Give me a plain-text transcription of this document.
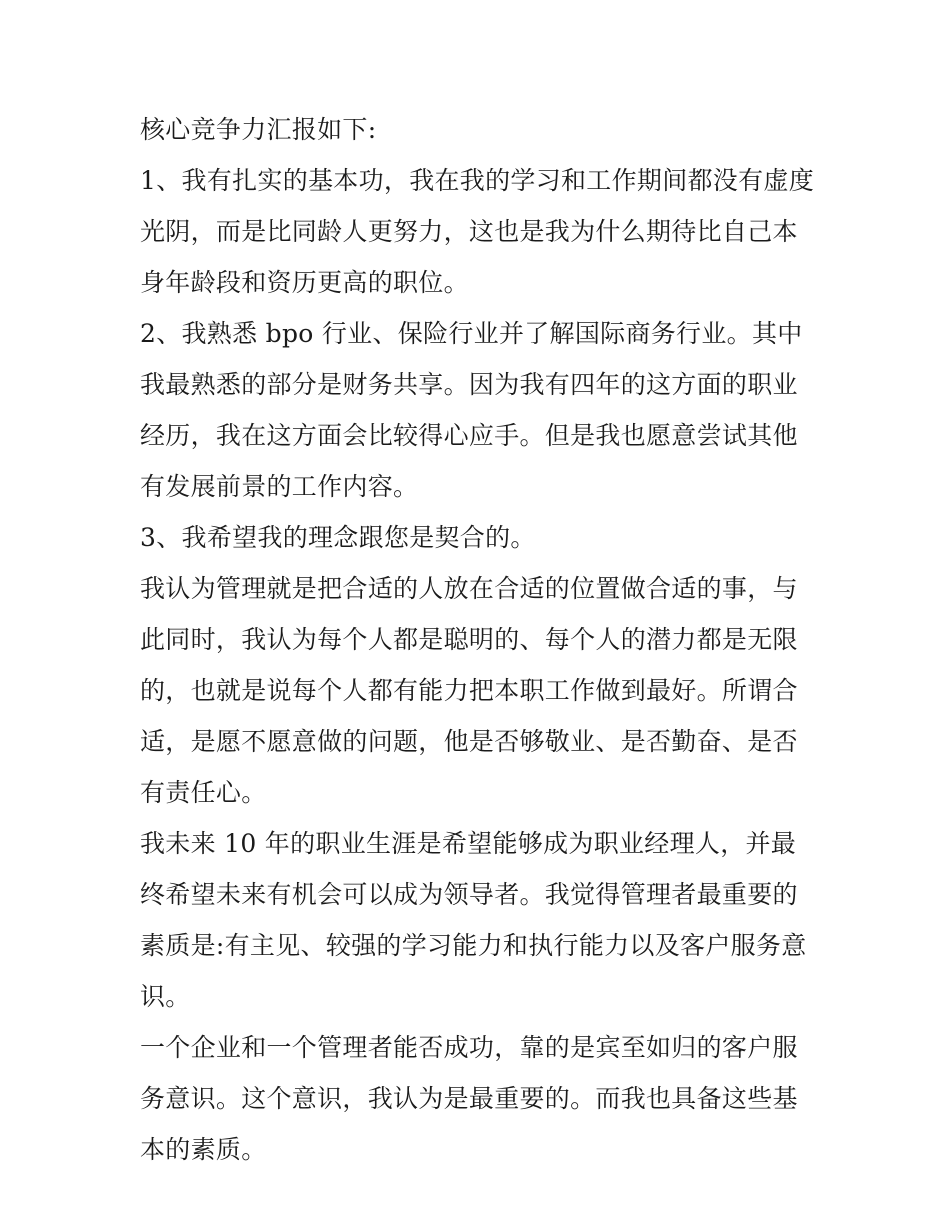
核心竞争力汇报如下:

1、我有扎实的基本功，我在我的学习和工作期间都没有虚度光阴，而是比同龄人更努力，这也是我为什么期待比自己本身年龄段和资历更高的职位。

2、我熟悉 bpo 行业、保险行业并了解国际商务行业。其中我最熟悉的部分是财务共享。因为我有四年的这方面的职业经历，我在这方面会比较得心应手。但是我也愿意尝试其他有发展前景的工作内容。

3、我希望我的理念跟您是契合的。

我认为管理就是把合适的人放在合适的位置做合适的事，与此同时，我认为每个人都是聪明的、每个人的潜力都是无限的，也就是说每个人都有能力把本职工作做到最好。所谓合适，是愿不愿意做的问题，他是否够敬业、是否勤奋、是否有责任心。

我未来 10 年的职业生涯是希望能够成为职业经理人，并最终希望未来有机会可以成为领导者。我觉得管理者最重要的素质是:有主见、较强的学习能力和执行能力以及客户服务意识。

一个企业和一个管理者能否成功，靠的是宾至如归的客户服务意识。这个意识，我认为是最重要的。而我也具备这些基本的素质。
